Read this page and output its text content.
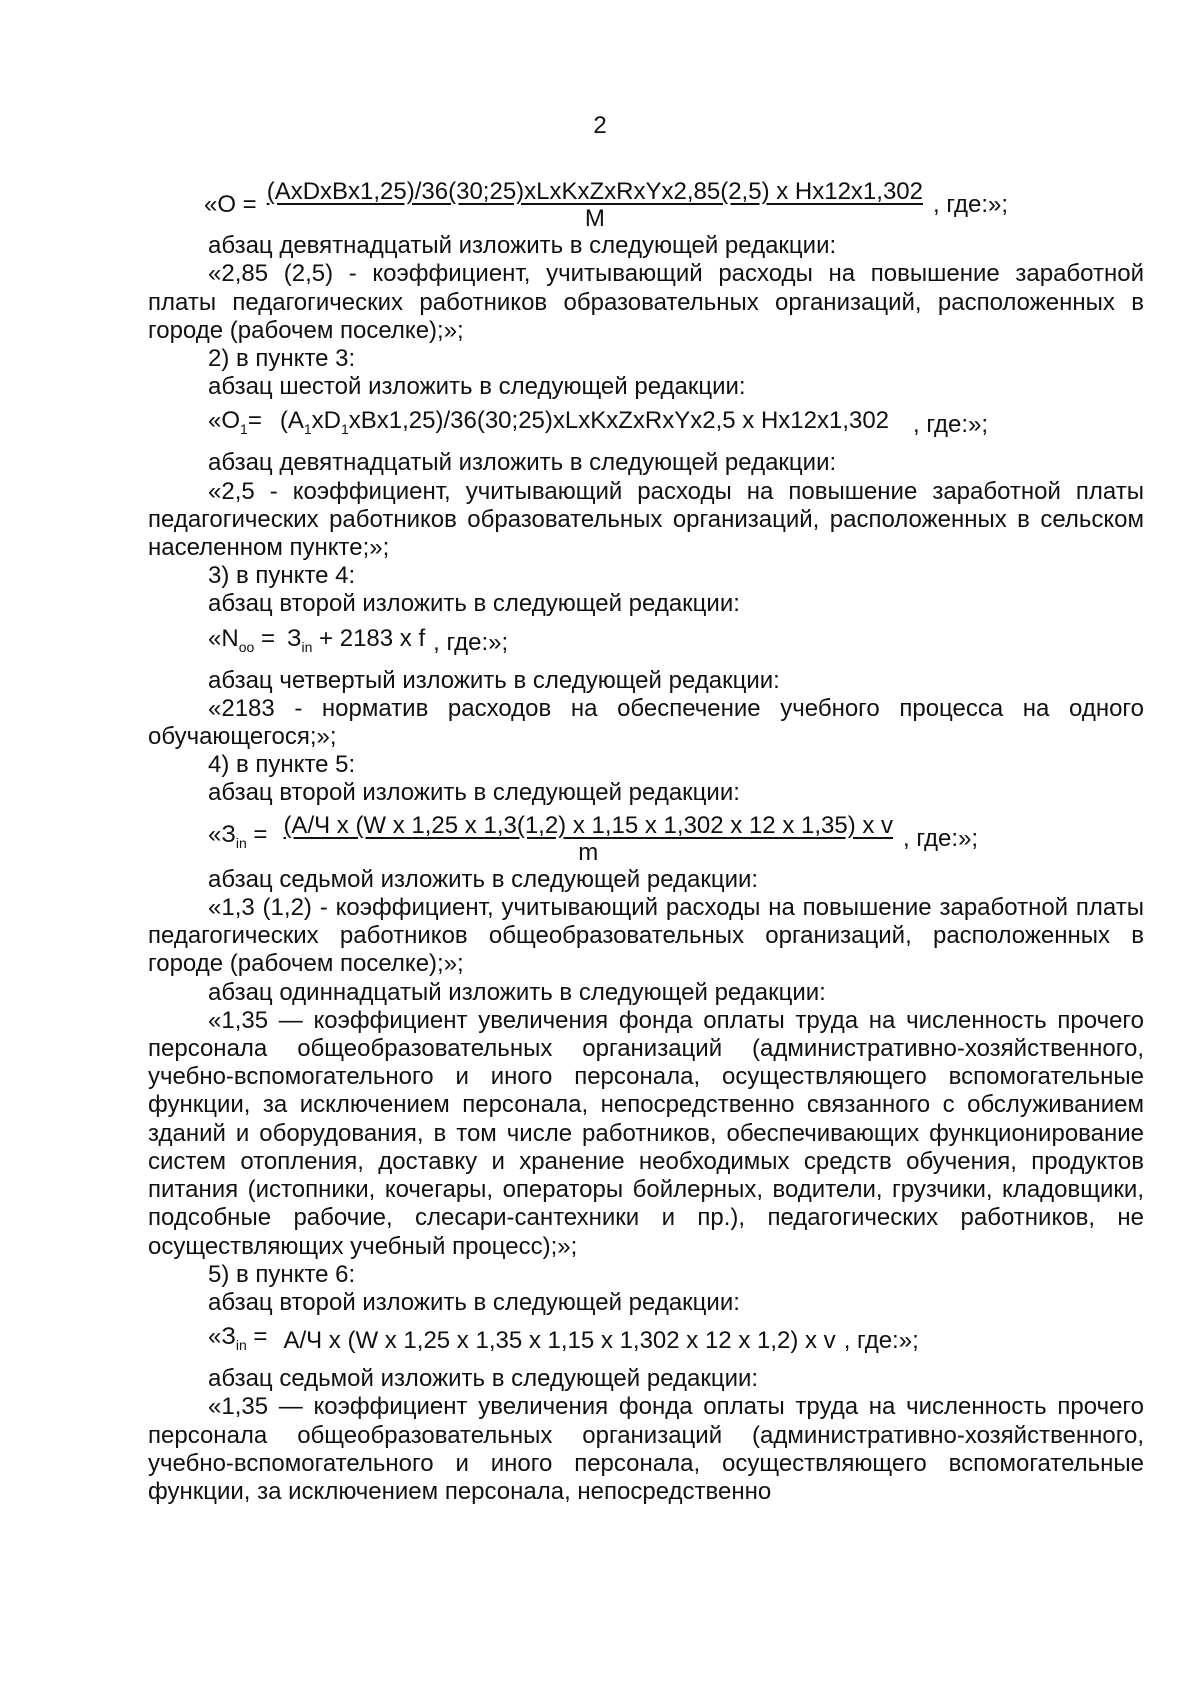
2
«$O = \frac{\text{(AxDxBx1,25)/36(30;25)xLxKxZxRxYx2,85(2,5) x Hx12x1,302}}{M}$ , где:»;

абзац девятнадцатый изложить в следующей редакции:

«2,85 (2,5) - коэффициент, учитывающий расходы на повышение заработной платы педагогических работников образовательных организаций, расположенных в городе (рабочем поселке);»;

2) в пункте 3:

абзац шестой изложить в следующей редакции:

«$O_1=$ $(A_1xD_1xBx1,25)/36(30;25)xLxKxZxRxYx2,5$ x Hx12x1,302 , где:»;

абзац девятнадцатый изложить в следующей редакции:

«2,5 - коэффициент, учитывающий расходы на повышение заработной платы педагогических работников образовательных организаций, расположенных в сельском населенном пункте;»;

3) в пункте 4:

абзац второй изложить в следующей редакции:

«$N_{oo} = З_{in} + 2183$ x f , где:»;

абзац четвертый изложить в следующей редакции:

«2183 - норматив расходов на обеспечение учебного процесса на одного обучающегося;»;

4) в пункте 5:

абзац второй изложить в следующей редакции:

«$З_{in} = \frac{\text{(А/Ч x (W x 1,25 x 1,3(1,2) x 1,15 x 1,302 x 12 x 1,35) x v}}{m}$ , где:»;

абзац седьмой изложить в следующей редакции:

«1,3 (1,2) - коэффициент, учитывающий расходы на повышение заработной платы педагогических работников общеобразовательных организаций, расположенных в городе (рабочем поселке);»;

абзац одиннадцатый изложить в следующей редакции:

«1,35 — коэффициент увеличения фонда оплаты труда на численность прочего персонала общеобразовательных организаций (административно-хозяйственного, учебно-вспомогательного и иного персонала, осуществляющего вспомогательные функции, за исключением персонала, непосредственно связанного с обслуживанием зданий и оборудования, в том числе работников, обеспечивающих функционирование систем отопления, доставку и хранение необходимых средств обучения, продуктов питания (истопники, кочегары, операторы бойлерных, водители, грузчики, кладовщики, подсобные рабочие, слесари-сантехники и пр.), педагогических работников, не осуществляющих учебный процесс);»;

5) в пункте 6:

абзац второй изложить в следующей редакции:

«$З_{in} = А/Ч$ x (W x 1,25 x 1,35 x 1,15 x 1,302 x 12 x 1,2) x v , где:»;

абзац седьмой изложить в следующей редакции:

«1,35 — коэффициент увеличения фонда оплаты труда на численность прочего персонала общеобразовательных организаций (административно-хозяйственного, учебно-вспомогательного и иного персонала, осуществляющего вспомогательные функции, за исключением персонала, непосредственно
